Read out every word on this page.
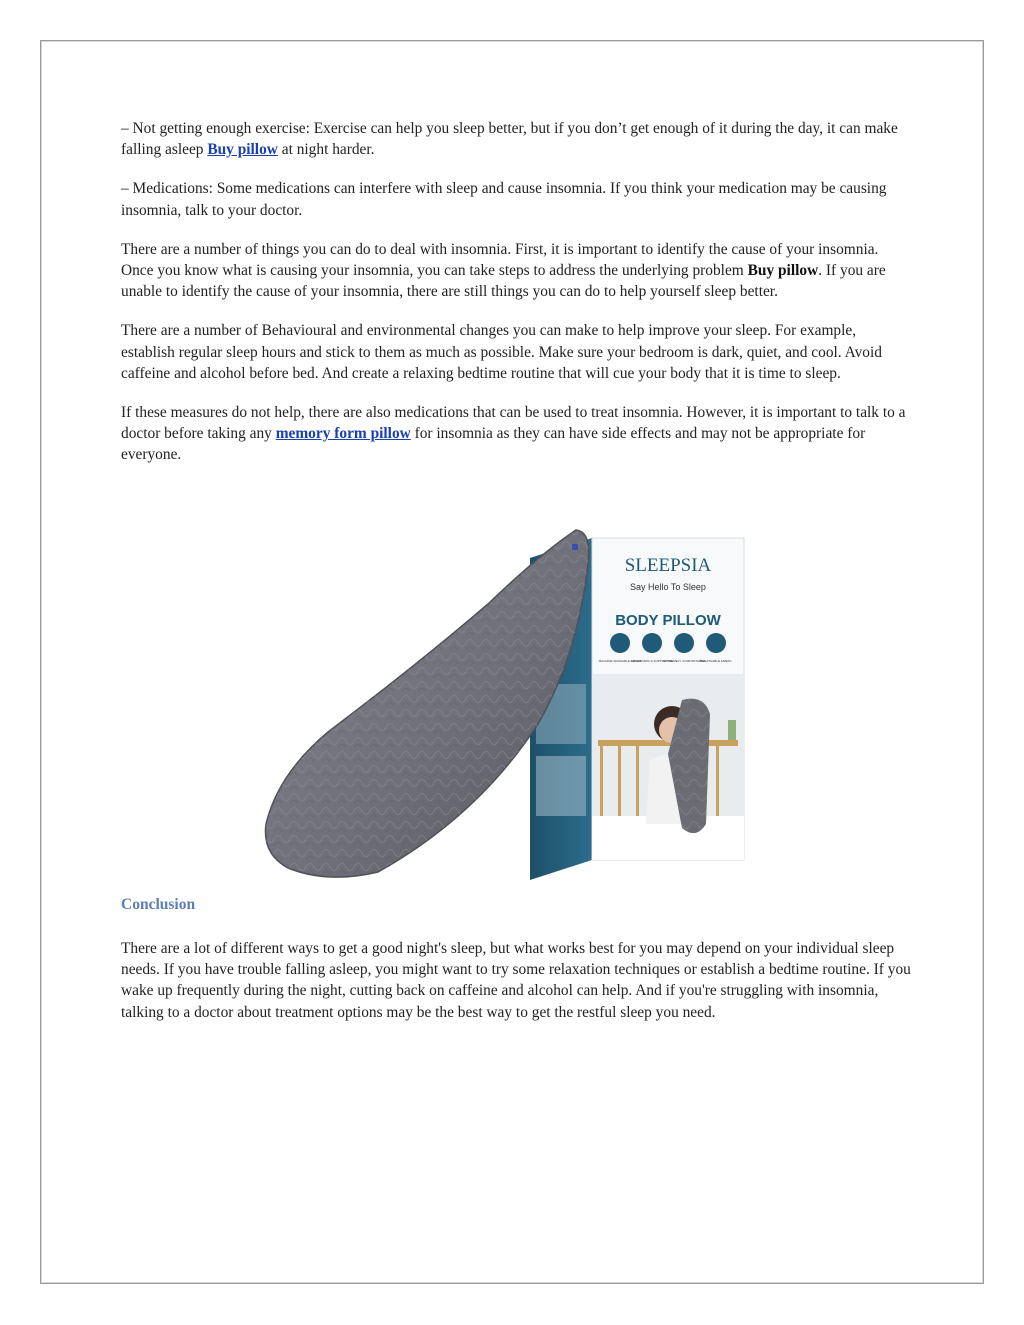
– Not getting enough exercise: Exercise can help you sleep better, but if you don’t get enough of it during the day, it can make falling asleep Buy pillow at night harder.

– Medications: Some medications can interfere with sleep and cause insomnia. If you think your medication may be causing insomnia, talk to your doctor.

There are a number of things you can do to deal with insomnia. First, it is important to identify the cause of your insomnia. Once you know what is causing your insomnia, you can take steps to address the underlying problem Buy pillow. If you are unable to identify the cause of your insomnia, there are still things you can do to help yourself sleep better.

There are a number of Behavioural and environmental changes you can make to help improve your sleep. For example, establish regular sleep hours and stick to them as much as possible. Make sure your bedroom is dark, quiet, and cool. Avoid caffeine and alcohol before bed. And create a relaxing bedtime routine that will cue your body that it is time to sleep.

If these measures do not help, there are also medications that can be used to treat insomnia. However, it is important to talk to a doctor before taking any memory form pillow for insomnia as they can have side effects and may not be appropriate for everyone.

SLEEPSIA
Say Hello To Sleep
BODY PILLOW
MACHINE WASHABLE COVER
ERGONOMIC & SUPPORTIVE
EXTREMELY COMFORTABLE
BREATHABLE FABRIC
Conclusion

There are a lot of different ways to get a good night's sleep, but what works best for you may depend on your individual sleep needs. If you have trouble falling asleep, you might want to try some relaxation techniques or establish a bedtime routine. If you wake up frequently during the night, cutting back on caffeine and alcohol can help. And if you're struggling with insomnia, talking to a doctor about treatment options may be the best way to get the restful sleep you need.
